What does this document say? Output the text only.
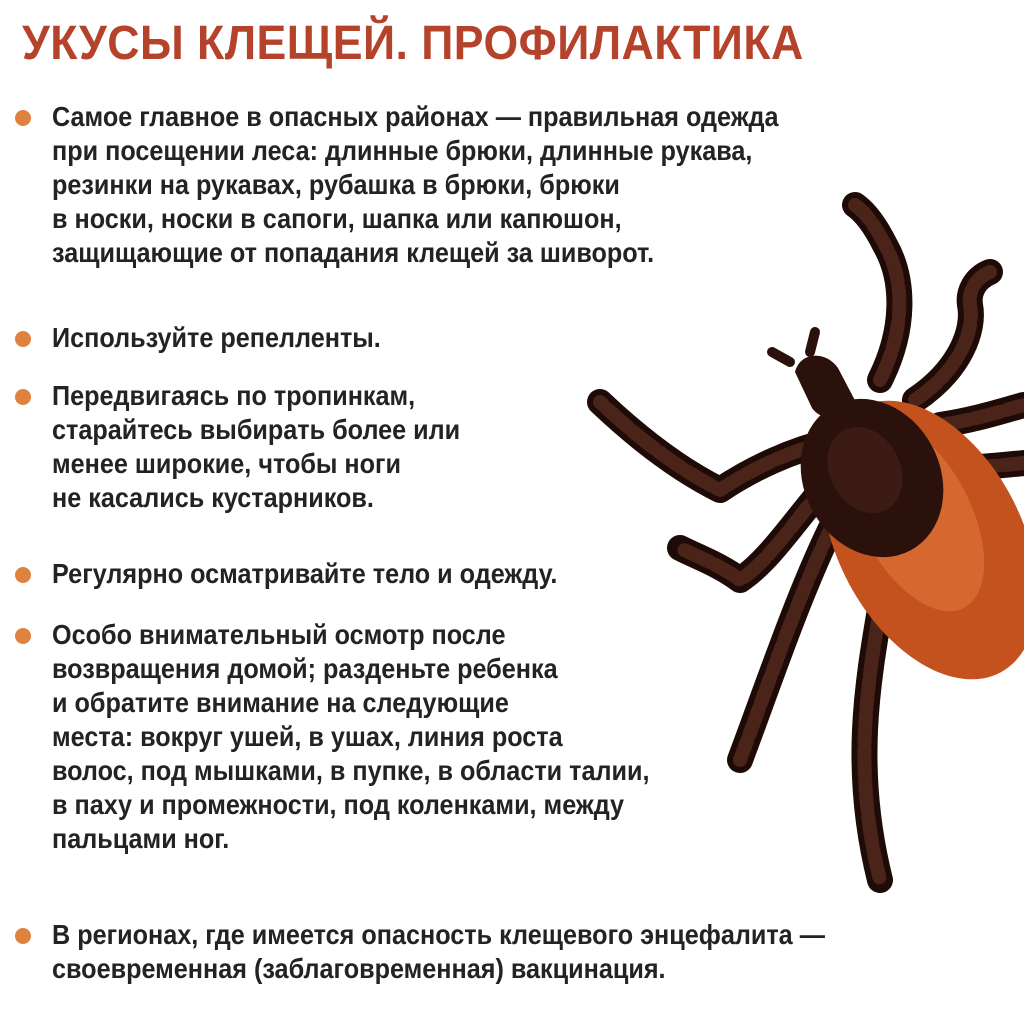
УКУСЫ КЛЕЩЕЙ. ПРОФИЛАКТИКА
Самое главное в опасных районах — правильная одежда
при посещении леса: длинные брюки, длинные рукава,
резинки на рукавах, рубашка в брюки, брюки
в носки, носки в сапоги, шапка или капюшон,
защищающие от попадания клещей за шиворот.
Используйте репелленты.
Передвигаясь по тропинкам,
старайтесь выбирать более или
менее широкие, чтобы ноги
не касались кустарников.
Регулярно осматривайте тело и одежду.
Особо внимательный осмотр после
возвращения домой; разденьте ребенка
и обратите внимание на следующие
места: вокруг ушей, в ушах, линия роста
волос, под мышками, в пупке, в области талии,
в паху и промежности, под коленками, между
пальцами ног.
В регионах, где имеется опасность клещевого энцефалита —
своевременная (заблаговременная) вакцинация.
